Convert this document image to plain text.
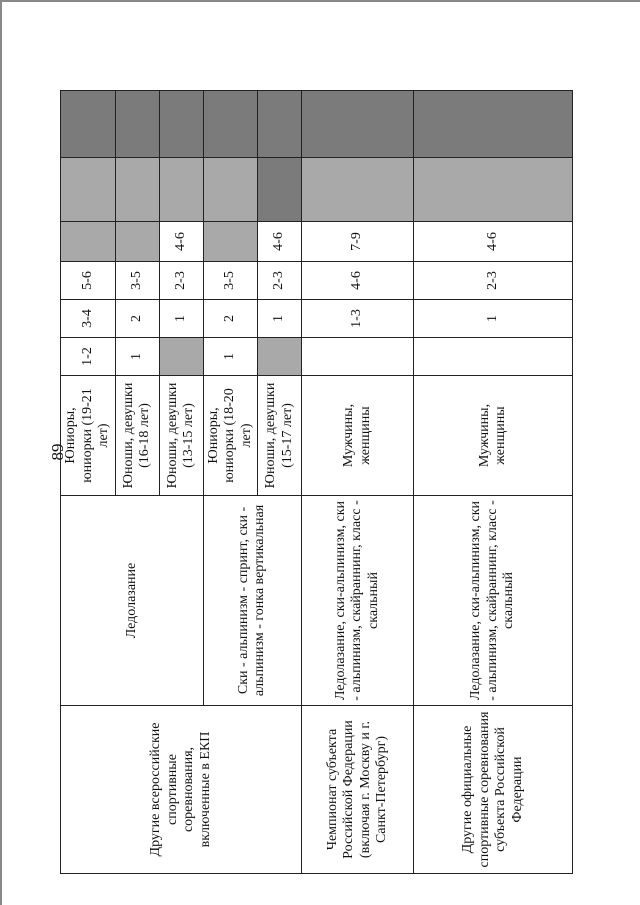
89
Другие всероссийские спортивные соревнования, включенные в ЕКП	Ледолазание	Юниоры, юниорки (19-21 лет)	1-2	3-4	5-6			
		Юноши, девушки (16-18 лет)	1	2	3-5			
		Юноши, девушки (13-15 лет)		1	2-3	4-6		
	Ски - альпинизм - спринт, ски - альпинизм - гонка вертикальная	Юниоры, юниорки (18-20 лет)	1	2	3-5			
		Юноши, девушки (15-17 лет)		1	2-3	4-6		
Чемпионат субъекта Российской Федерации (включая г. Москву и г. Санкт-Петербург)	Ледолазание, ски-альпинизм, ски - альпинизм, скайраннинг, класс - скальный	Мужчины, женщины		1-3	4-6	7-9		
Другие официальные спортивные соревнования субъекта Российской Федерации	Ледолазание, ски-альпинизм, ски - альпинизм, скайраннинг, класс - скальный	Мужчины, женщины		1	2-3	4-6		
